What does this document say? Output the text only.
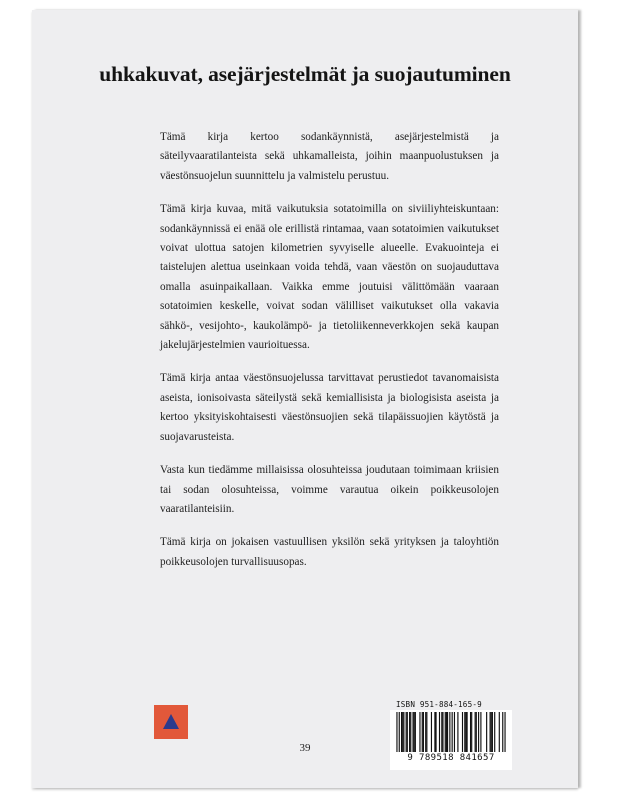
uhkakuvat, asejärjestelmät ja suojautuminen

Tämä kirja kertoo sodankäynnistä, asejärjestelmistä ja säteilyvaaratilanteista sekä uhkamalleista, joihin maanpuolustuksen ja väestönsuojelun suunnittelu ja valmistelu perustuu.

Tämä kirja kuvaa, mitä vaikutuksia sotatoimilla on siviiliyhteiskuntaan: sodankäynnissä ei enää ole erillistä rintamaa, vaan sotatoimien vaikutukset voivat ulottua satojen kilometrien syvyiselle alueelle. Evakuointeja ei taistelujen alettua useinkaan voida tehdä, vaan väestön on suojauduttava omalla asuinpaikallaan. Vaikka emme joutuisi välittömään vaaraan sotatoimien keskelle, voivat sodan välilliset vaikutukset olla vakavia sähkö-, vesijohto-, kaukolämpö- ja tietoliikenneverkkojen sekä kaupan jakelujärjestelmien vaurioituessa.

Tämä kirja antaa väestönsuojelussa tarvittavat perustiedot tavanomaisista aseista, ionisoivasta säteilystä sekä kemiallisista ja biologisista aseista ja kertoo yksityiskohtaisesti väestönsuojien sekä tilapäissuojien käytöstä ja suojavarusteista.

Vasta kun tiedämme millaisissa olosuhteissa joudutaan toimimaan kriisien tai sodan olosuhteissa, voimme varautua oikein poikkeusolojen vaaratilanteisiin.

Tämä kirja on jokaisen vastuullisen yksilön sekä yrityksen ja taloyhtiön poikkeusolojen turvallisuusopas.

39
ISBN 951-884-165-9
9 789518 841657
